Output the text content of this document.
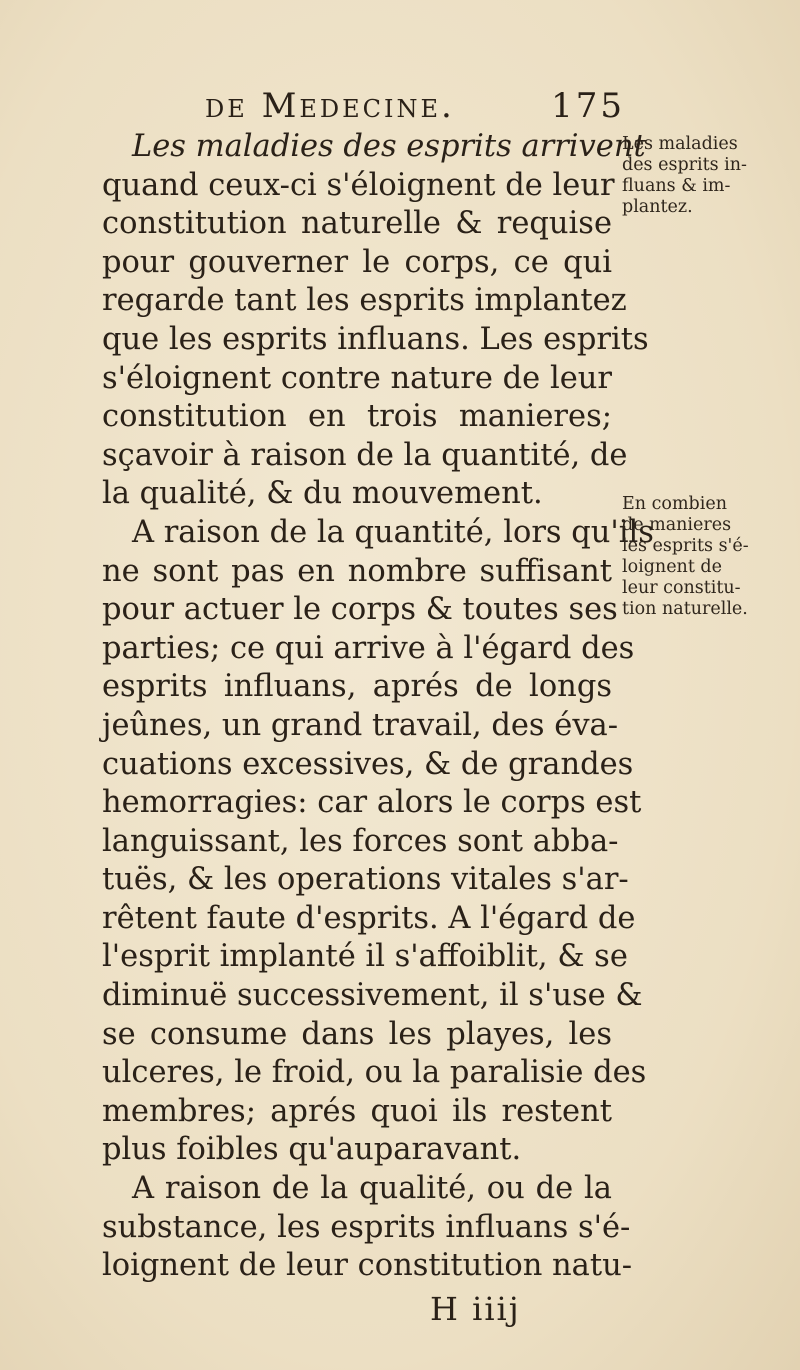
de Medecine.	175

Les maladies des esprits arrivent
quand ceux-ci s'éloignent de leur
constitution naturelle & requise
pour gouverner le corps, ce qui
regarde tant les esprits implantez
que les esprits influans. Les esprits
s'éloignent contre nature de leur
constitution en trois manieres;
sçavoir à raison de la quantité, de
la qualité, & du mouvement.

A raison de la quantité, lors qu'ils
ne sont pas en nombre suffisant
pour actuer le corps & toutes ses
parties; ce qui arrive à l'égard des
esprits influans, aprés de longs
jeûnes, un grand travail, des éva-
cuations excessives, & de grandes
hemorragies: car alors le corps est
languissant, les forces sont abba-
tuës, & les operations vitales s'ar-
rêtent faute d'esprits. A l'égard de
l'esprit implanté il s'affoiblit, & se
diminuë successivement, il s'use &
se consume dans les playes, les
ulceres, le froid, ou la paralisie des
membres; aprés quoi ils restent
plus foibles qu'auparavant.

A raison de la qualité, ou de la
substance, les esprits influans s'é-
loignent de leur constitution natu-

Les maladies
des esprits in-
fluans & im-
plantez.
En combien
de manieres
les esprits s'é-
loignent de
leur constitu-
tion naturelle.
H iiij
